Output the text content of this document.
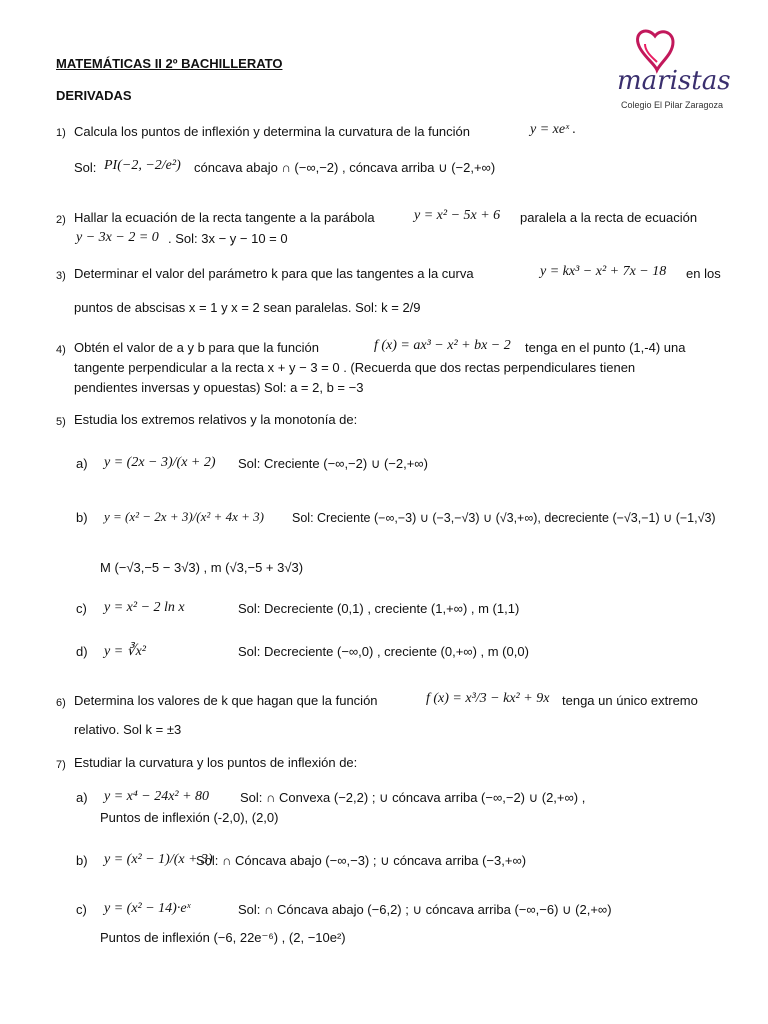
MATEMÁTICAS II 2º BACHILLERATO
DERIVADAS	maristas
Colegio El Pilar Zaragoza
1) Calcula los puntos de inflexión y determina la curvatura de la función	y = xeˣ .
Sol: PI(−2, −2/e²) cóncava abajo ∩ (−∞,−2) , cóncava arriba ∪ (−2,+∞)
2) Hallar la ecuación de la recta tangente a la parábola	y = x² − 5x + 6 paralela a la recta de ecuación
y − 3x − 2 = 0 . Sol: 3x − y − 10 = 0
3) Determinar el valor del parámetro k para que las tangentes a la curva	y = kx³ − x² + 7x − 18 en los
puntos de abscisas x = 1 y x = 2 sean paralelas. Sol: k = 2/9
4) Obtén el valor de a y b para que la función	f (x) = ax³ − x² + bx − 2 tenga en el punto (1,-4) una
tangente perpendicular a la recta x + y − 3 = 0 . (Recuerda que dos rectas perpendiculares tienen
pendientes inversas y opuestas) Sol: a = 2, b = −3
5) Estudia los extremos relativos y la monotonía de:
a) y = (2x − 3)/(x + 2) Sol: Creciente (−∞,−2) ∪ (−2,+∞)
b) y = (x² − 2x + 3)/(x² + 4x + 3) Sol: Creciente (−∞,−3) ∪ (−3,−√3) ∪ (√3,+∞), decreciente (−√3,−1) ∪ (−1,√3)
M (−√3,−5 − 3√3) , m (√3,−5 + 3√3)
c) y = x² − 2 ln x	Sol: Decreciente (0,1) , creciente (1,+∞) , m (1,1)
d) y = ∛x²	Sol: Decreciente (−∞,0) , creciente (0,+∞) , m (0,0)
6) Determina los valores de k que hagan que la función	f (x) = x³/3 − kx² + 9x tenga un único extremo
relativo. Sol k = ±3
7) Estudiar la curvatura y los puntos de inflexión de:
a) y = x⁴ − 24x² + 80 Sol: ∩ Convexa (−2,2) ; ∪ cóncava arriba (−∞,−2) ∪ (2,+∞) ,
Puntos de inflexión (-2,0), (2,0)
b) y = (x² − 1)/(x + 3)
Sol: ∩ Cóncava abajo (−∞,−3) ; ∪ cóncava arriba (−3,+∞)
c) y = (x² − 14)·eˣ	Sol: ∩ Cóncava abajo (−6,2) ; ∪ cóncava arriba (−∞,−6) ∪ (2,+∞)
Puntos de inflexión (−6, 22e⁻⁶) , (2, −10e²)
